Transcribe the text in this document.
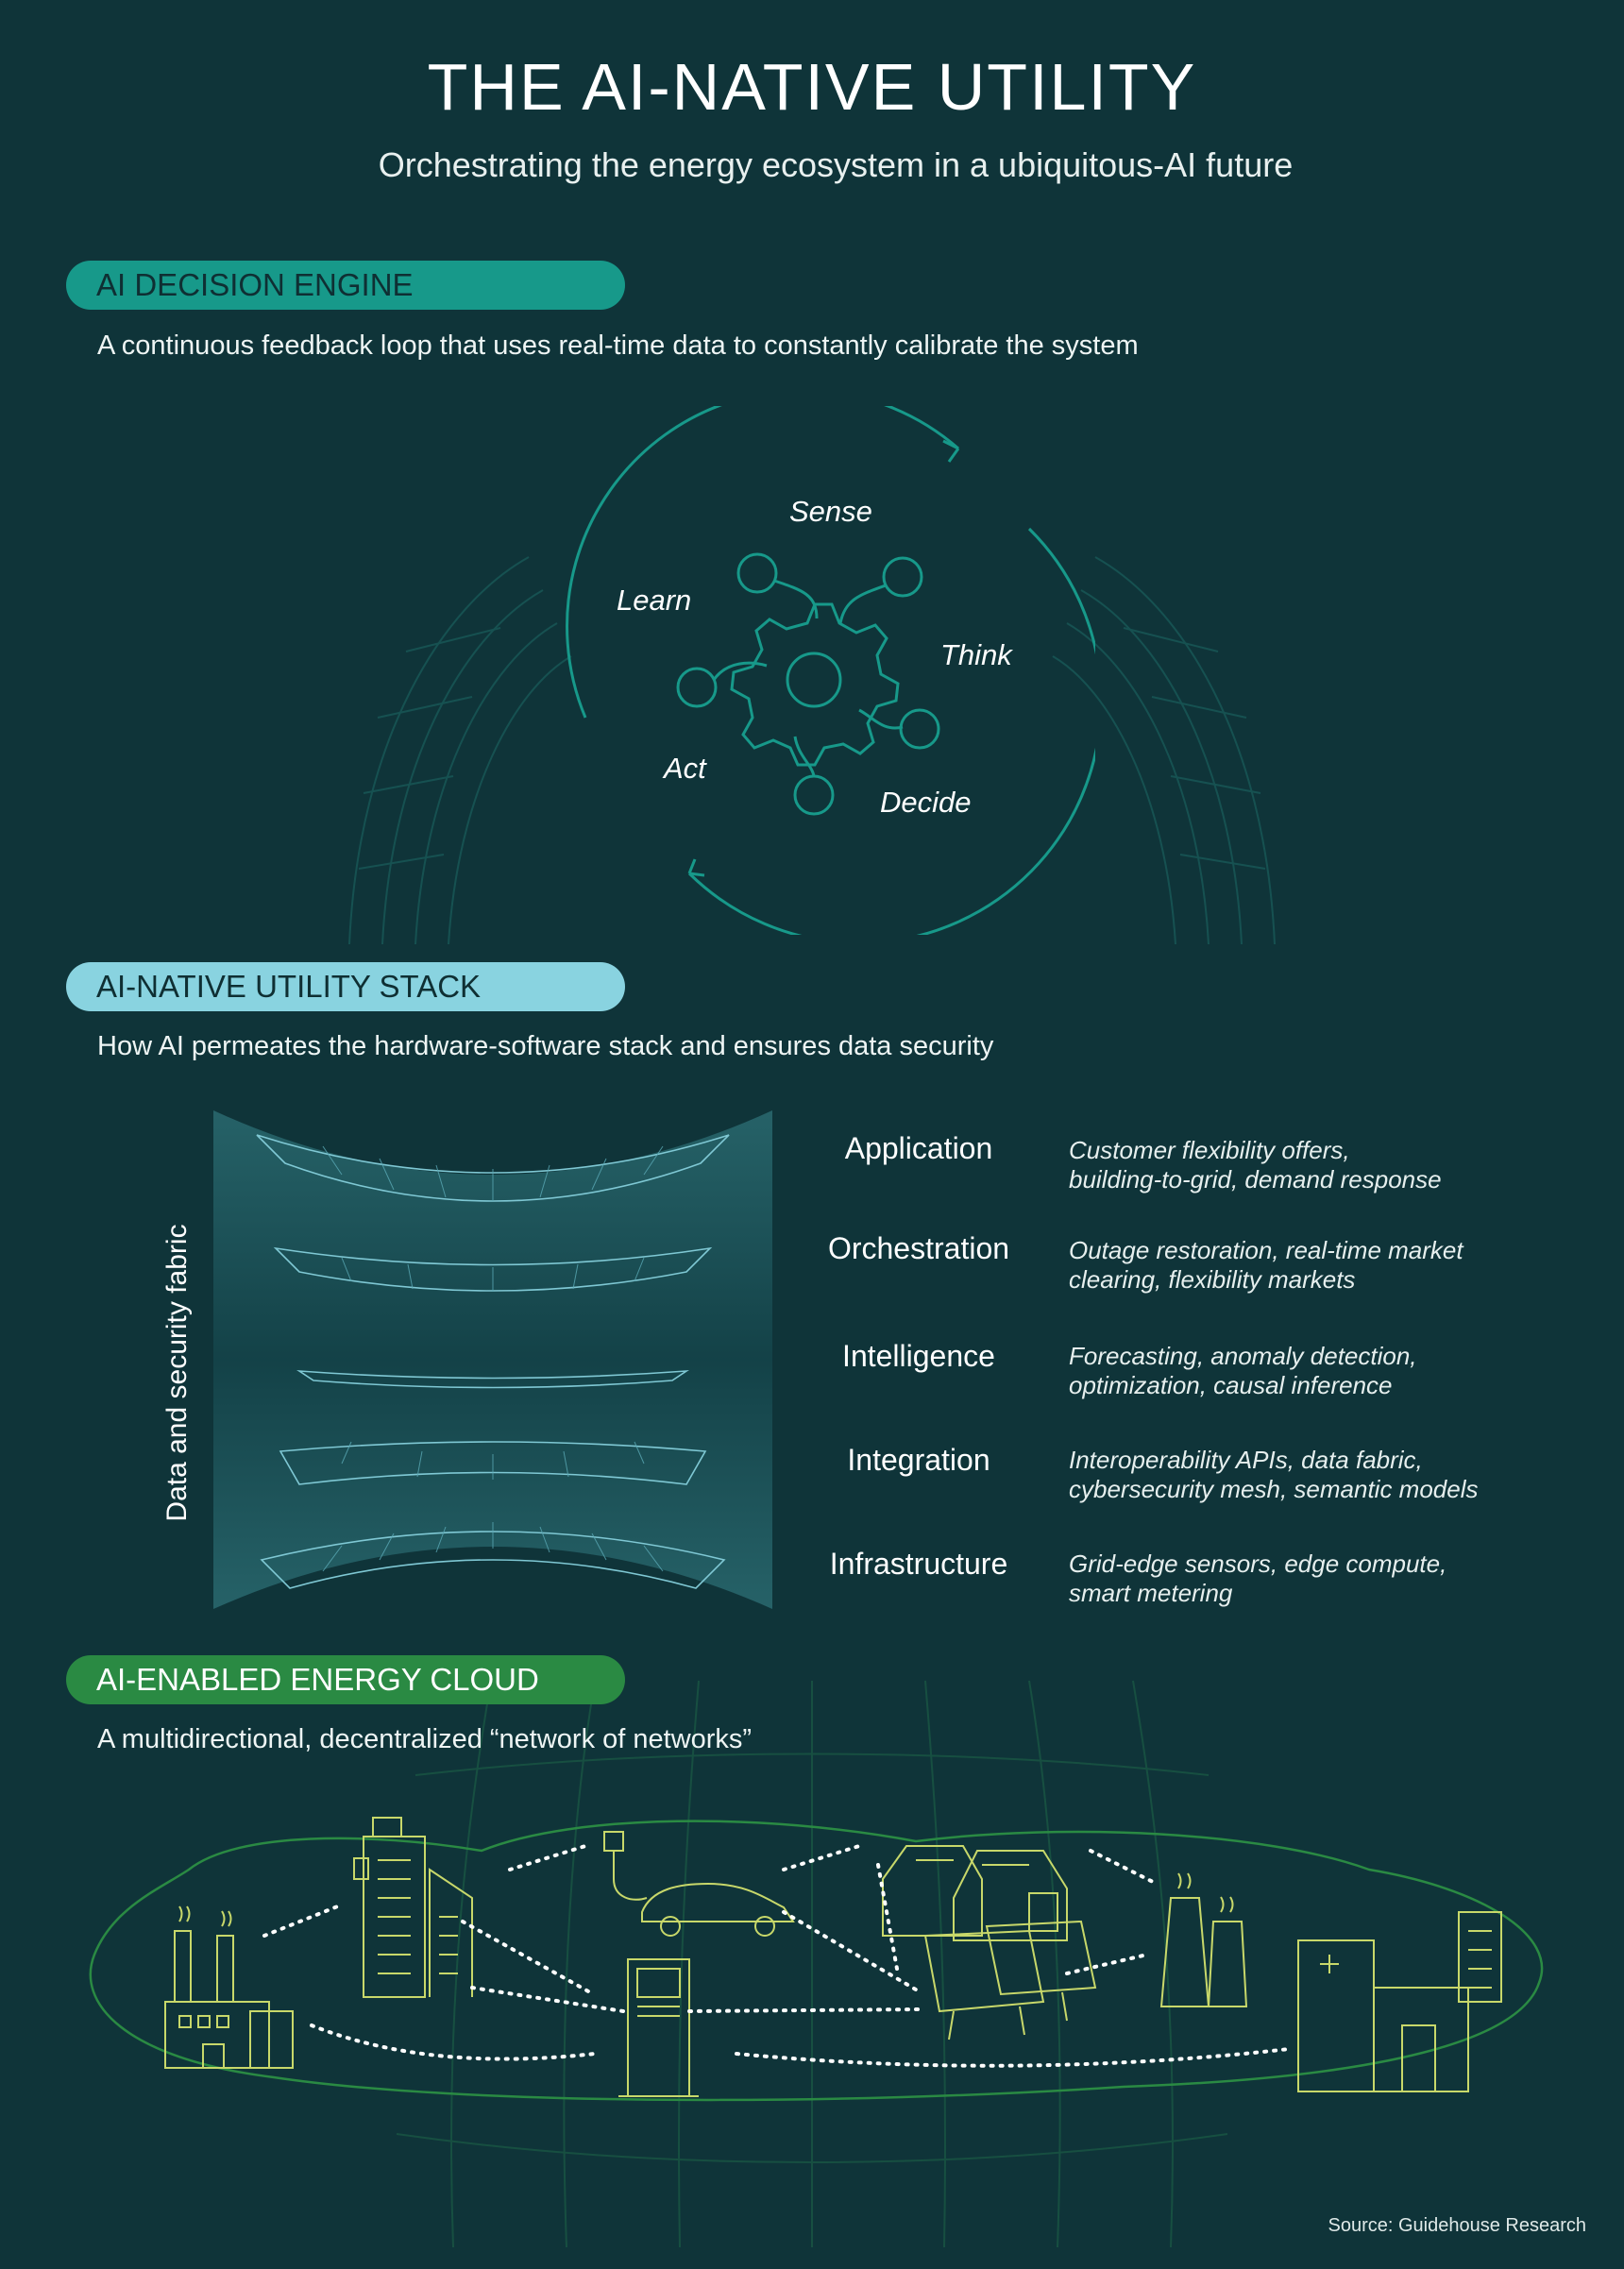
THE AI-NATIVE UTILITY
Orchestrating the energy ecosystem in a ubiquitous-AI future
AI DECISION ENGINE
A continuous feedback loop that uses real-time data to constantly calibrate the system
Sense
Think
Decide
Act
Learn
AI-NATIVE UTILITY STACK
How AI permeates the hardware-software stack and ensures data security
Data and security fabric
Application	Customer flexibility offers,
building-to-grid, demand response
Orchestration	Outage restoration, real-time market
clearing, flexibility markets
Intelligence	Forecasting, anomaly detection,
optimization, causal inference
Integration	Interoperability APIs, data fabric,
cybersecurity mesh, semantic models
Infrastructure	Grid-edge sensors, edge compute,
smart metering
AI-ENABLED ENERGY CLOUD
A multidirectional, decentralized “network of networks”
Source: Guidehouse Research
